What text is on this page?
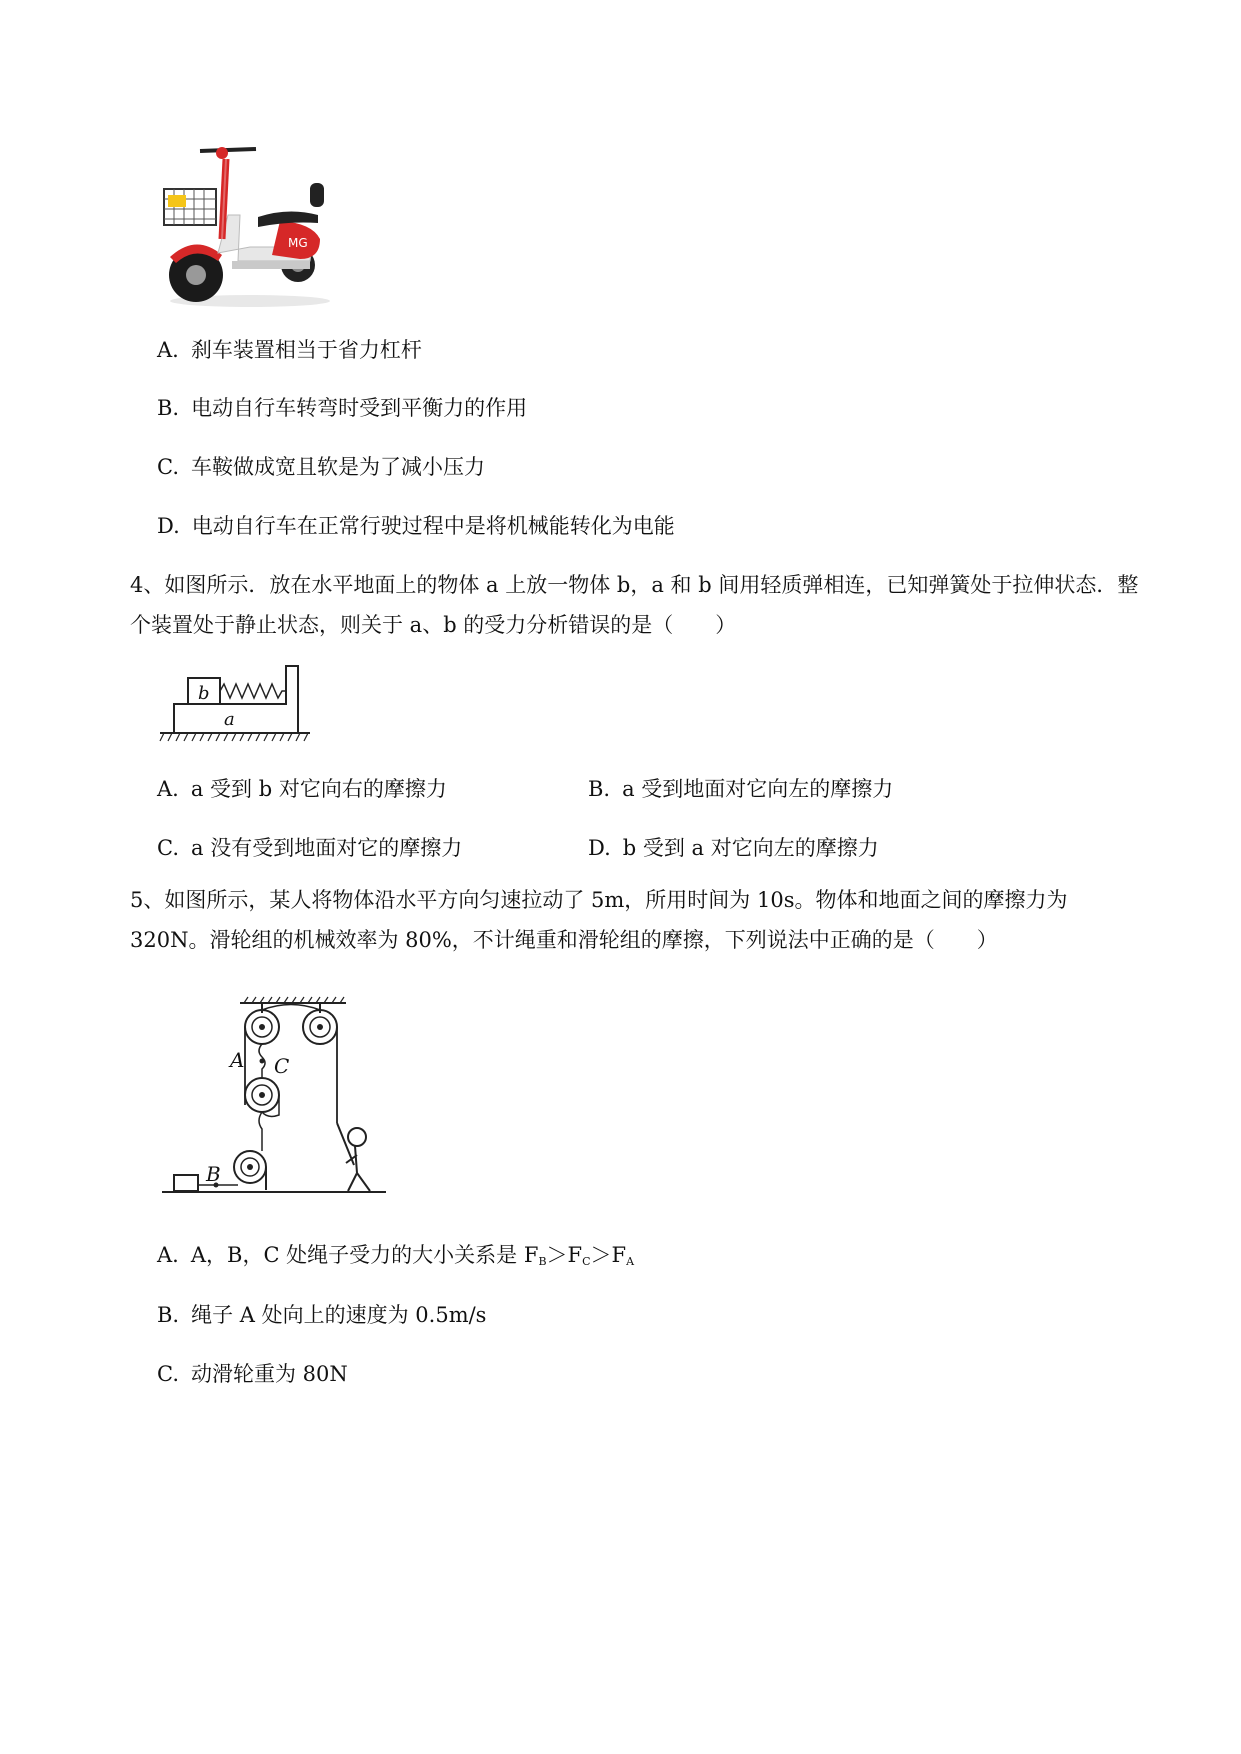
MG
A. 刹车装置相当于省力杠杆
B. 电动自行车转弯时受到平衡力的作用
C. 车鞍做成宽且软是为了减小压力
D. 电动自行车在正常行驶过程中是将机械能转化为电能
4、如图所示．放在水平地面上的物体 a 上放一物体 b，a 和 b 间用轻质弹相连，已知弹簧处于拉伸状态．整个装置处于静止状态，则关于 a、b 的受力分析错误的是（　　）
b
a
A. a 受到 b 对它向右的摩擦力	B. a 受到地面对它向左的摩擦力
C. a 没有受到地面对它的摩擦力	D. b 受到 a 对它向左的摩擦力
5、如图所示，某人将物体沿水平方向匀速拉动了 5m，所用时间为 10s。物体和地面之间的摩擦力为 320N。滑轮组的机械效率为 80%，不计绳重和滑轮组的摩擦，下列说法中正确的是（　　）
A C
B
A. A，B，C 处绳子受力的大小关系是 $F_B>F_C>F_A$
B. 绳子 A 处向上的速度为 0.5m/s
C. 动滑轮重为 80N
